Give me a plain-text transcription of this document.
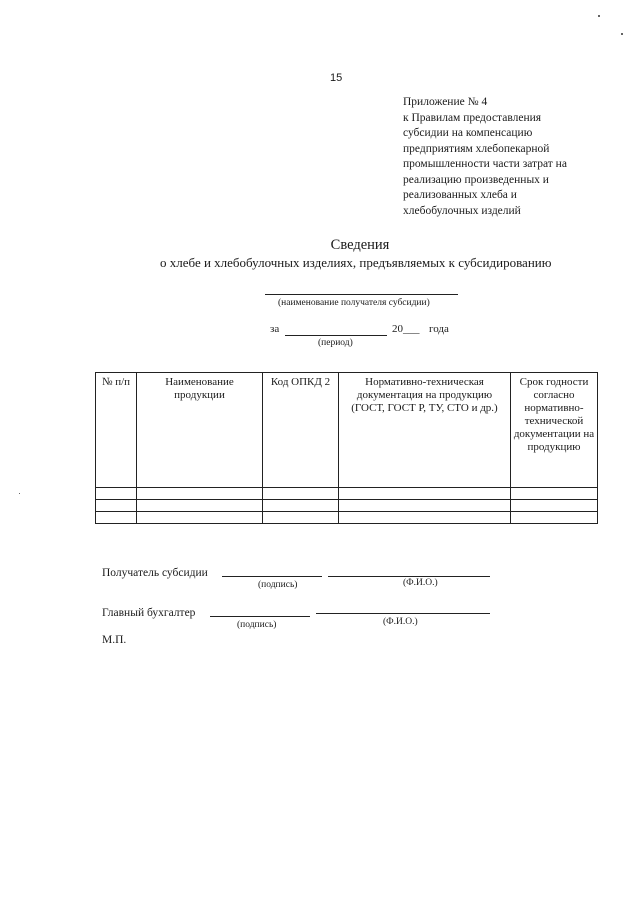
15
Приложение № 4
к Правилам предоставления
субсидии на компенсацию
предприятиям хлебопекарной
промышленности части затрат на
реализацию произведенных и
реализованных хлеба и
хлебобулочных изделий
Сведения
о хлебе и хлебобулочных изделиях, предъявляемых к субсидированию
(наименование получателя субсидии)
за	20___ года
(период)
№ п/п	Наименование продукции	Код ОПКД 2	Нормативно-техническая документация на продукцию (ГОСТ, ГОСТ Р, ТУ, СТО и др.)	Срок годности согласно нормативно-технической документации на продукцию

Получатель субсидии
(подпись)	(Ф.И.О.)
Главный бухгалтер
(подпись)	(Ф.И.О.)
М.П.
